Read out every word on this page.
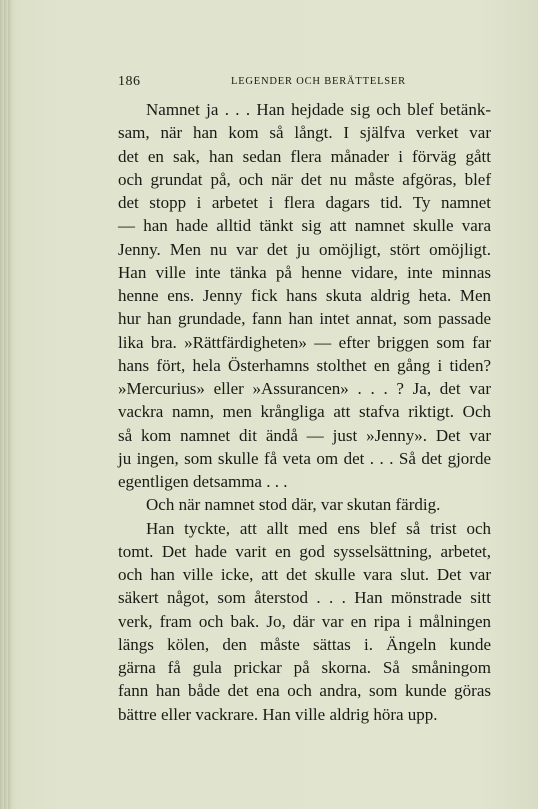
186	LEGENDER OCH BERÄTTELSER
Namnet ja . . . Han hejdade sig och blef betänk-
sam, när han kom så långt. I själfva verket var
det en sak, han sedan flera månader i förväg gått
och grundat på, och när det nu måste afgöras, blef
det stopp i arbetet i flera dagars tid. Ty namnet
— han hade alltid tänkt sig att namnet skulle vara
Jenny. Men nu var det ju omöjligt, stört omöjligt.
Han ville inte tänka på henne vidare, inte minnas
henne ens. Jenny fick hans skuta aldrig heta. Men
hur han grundade, fann han intet annat, som passade
lika bra. »Rättfärdigheten» — efter briggen som far
hans fört, hela Österhamns stolthet en gång i tiden?
»Mercurius» eller »Assurancen» . . . ? Ja, det var
vackra namn, men krångliga att stafva riktigt. Och
så kom namnet dit ändå — just »Jenny». Det var
ju ingen, som skulle få veta om det . . . Så det gjorde
egentligen detsamma . . .
Och när namnet stod där, var skutan färdig.
Han tyckte, att allt med ens blef så trist och
tomt. Det hade varit en god sysselsättning, arbetet,
och han ville icke, att det skulle vara slut. Det var
säkert något, som återstod . . . Han mönstrade sitt
verk, fram och bak. Jo, där var en ripa i målningen
längs kölen, den måste sättas i. Ängeln kunde
gärna få gula prickar på skorna. Så småningom
fann han både det ena och andra, som kunde göras
bättre eller vackrare. Han ville aldrig höra upp.
